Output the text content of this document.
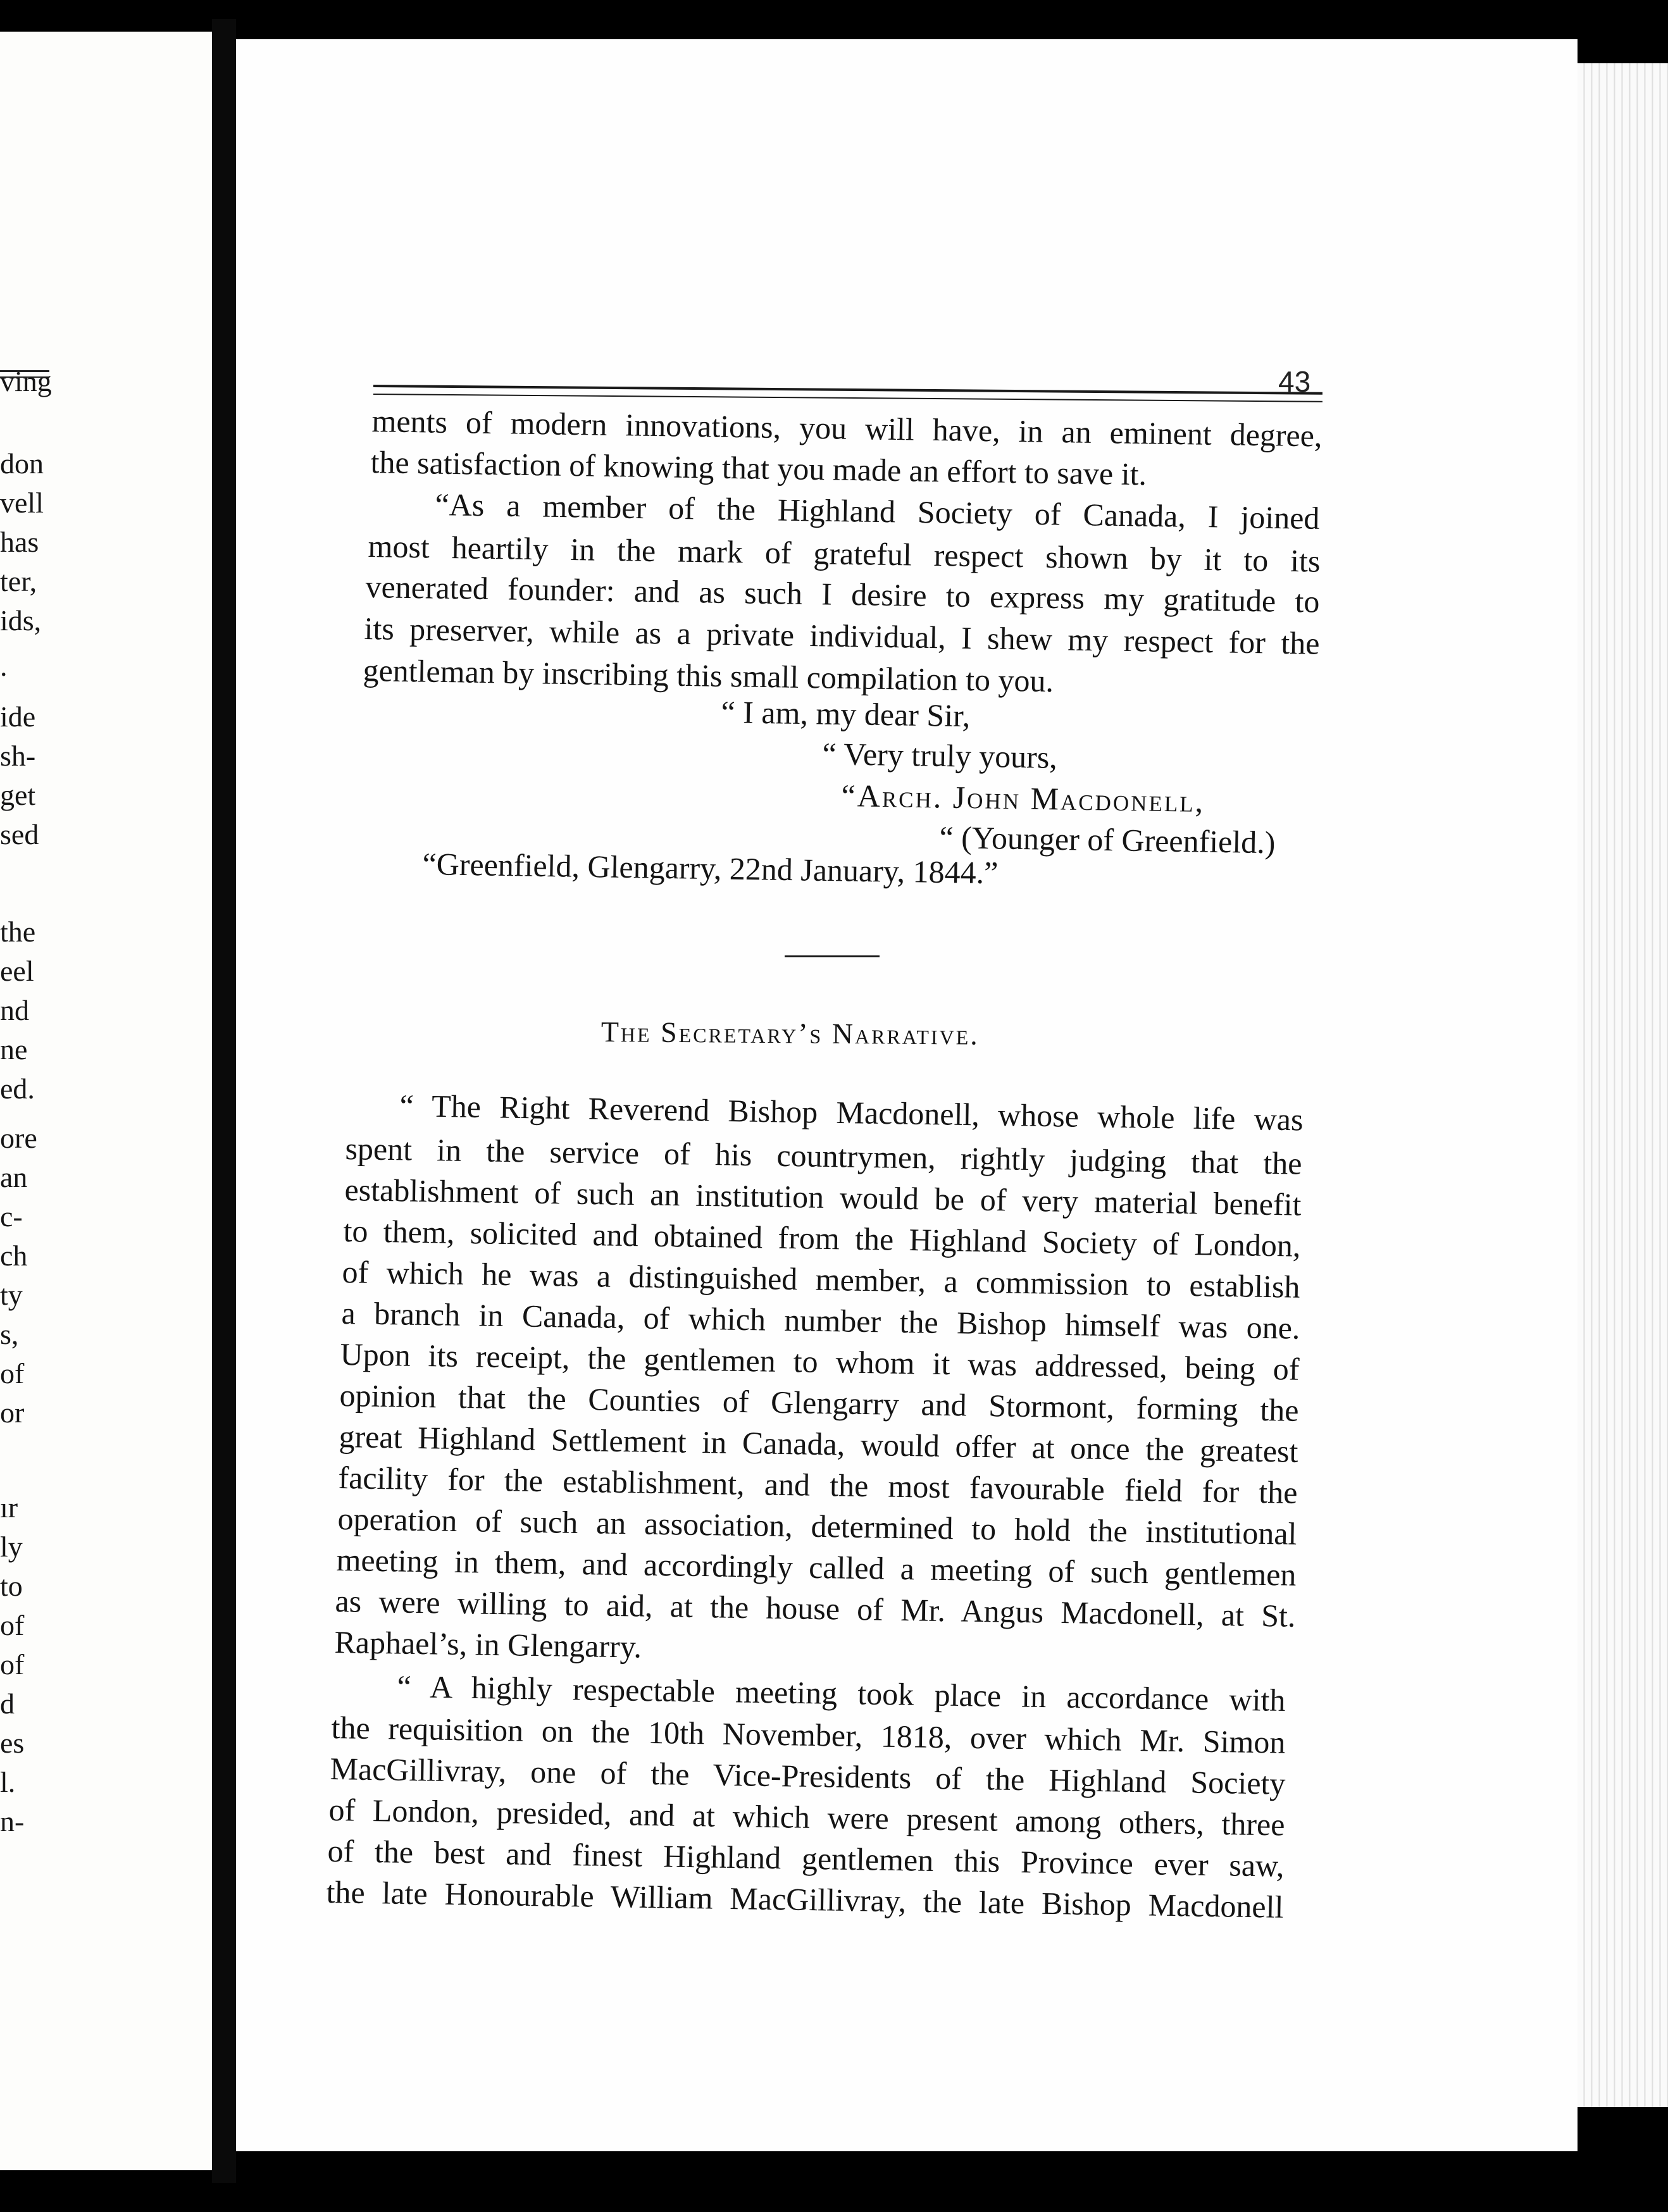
ving
don
vell
has
ter,
ids,
.
ide
sh-
get
sed
the
eel
nd
ne
ed.
ore
an
c-
ch
ty
s,
of
or
ır
ly
to
of
of
d
es
l.
n-
43
ments of modern innovations, you will have, in an eminent degree,
the satisfaction of knowing that you made an effort to save it.
“As a member of the Highland Society of Canada, I joined
most heartily in the mark of grateful respect shown by it to its
venerated founder: and as such I desire to express my gratitude to
its preserver, while as a private individual, I shew my respect for the
gentleman by inscribing this small compilation to you.
“ I am, my dear Sir,
“ Very truly yours,
“Arch. John Macdonell,
“ (Younger of Greenfield.)
“Greenfield, Glengarry, 22nd January, 1844.”
The Secretary’s Narrative.
“ The Right Reverend Bishop Macdonell, whose whole life was
spent in the service of his countrymen, rightly judging that the
establishment of such an institution would be of very material benefit
to them, solicited and obtained from the Highland Society of London,
of which he was a distinguished member, a commission to establish
a branch in Canada, of which number the Bishop himself was one.
Upon its receipt, the gentlemen to whom it was addressed, being of
opinion that the Counties of Glengarry and Stormont, forming the
great Highland Settlement in Canada, would offer at once the greatest
facility for the establishment, and the most favourable field for the
operation of such an association, determined to hold the institutional
meeting in them, and accordingly called a meeting of such gentlemen
as were willing to aid, at the house of Mr. Angus Macdonell, at St.
Raphael’s, in Glengarry.
“ A highly respectable meeting took place in accordance with
the requisition on the 10th November, 1818, over which Mr. Simon
MacGillivray, one of the Vice-Presidents of the Highland Society
of London, presided, and at which were present among others, three
of the best and finest Highland gentlemen this Province ever saw,
the late Honourable William MacGillivray, the late Bishop Macdonell
